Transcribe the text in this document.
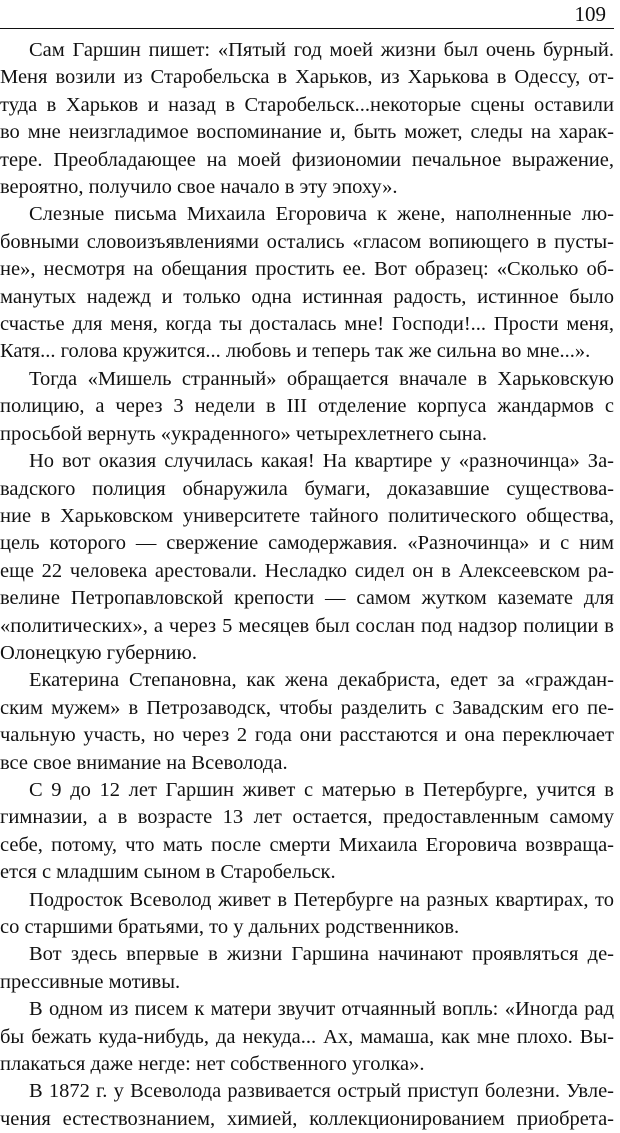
109

Сам Гаршин пишет: «Пятый год моей жизни был очень бурный.
Меня возили из Старобельска в Харьков, из Харькова в Одессу, от-
туда в Харьков и назад в Старобельск...некоторые сцены оставили
во мне неизгладимое воспоминание и, быть может, следы на харак-
тере. Преобладающее на моей физиономии печальное выражение,
вероятно, получило свое начало в эту эпоху».

Слезные письма Михаила Егоровича к жене, наполненные лю-
бовными словоизъявлениями остались «гласом вопиющего в пусты-
не», несмотря на обещания простить ее. Вот образец: «Сколько об-
манутых надежд и только одна истинная радость, истинное было
счастье для меня, когда ты досталась мне! Господи!... Прости меня,
Катя... голова кружится... любовь и теперь так же сильна во мне...».

Тогда «Мишель странный» обращается вначале в Харьковскую
полицию, а через 3 недели в III отделение корпуса жандармов с
просьбой вернуть «украденного» четырехлетнего сына.

Но вот оказия случилась какая! На квартире у «разночинца» За-
вадского полиция обнаружила бумаги, доказавшие существова-
ние в Харьковском университете тайного политического общества,
цель которого — свержение самодержавия. «Разночинца» и с ним
еще 22 человека арестовали. Несладко сидел он в Алексеевском ра-
велине Петропавловской крепости — самом жутком каземате для
«политических», а через 5 месяцев был сослан под надзор полиции в
Олонецкую губернию.

Екатерина Степановна, как жена декабриста, едет за «граждан-
ским мужем» в Петрозаводск, чтобы разделить с Завадским его пе-
чальную участь, но через 2 года они расстаются и она переключает
все свое внимание на Всеволода.

С 9 до 12 лет Гаршин живет с матерью в Петербурге, учится в
гимназии, а в возрасте 13 лет остается, предоставленным самому
себе, потому, что мать после смерти Михаила Егоровича возвраща-
ется с младшим сыном в Старобельск.

Подросток Всеволод живет в Петербурге на разных квартирах, то
со старшими братьями, то у дальних родственников.

Вот здесь впервые в жизни Гаршина начинают проявляться де-
прессивные мотивы.

В одном из писем к матери звучит отчаянный вопль: «Иногда рад
бы бежать куда-нибудь, да некуда... Ах, мамаша, как мне плохо. Вы-
плакаться даже негде: нет собственного уголка».

В 1872 г. у Всеволода развивается острый приступ болезни. Увле-
чения естествознанием, химией, коллекционированием приобрета-
